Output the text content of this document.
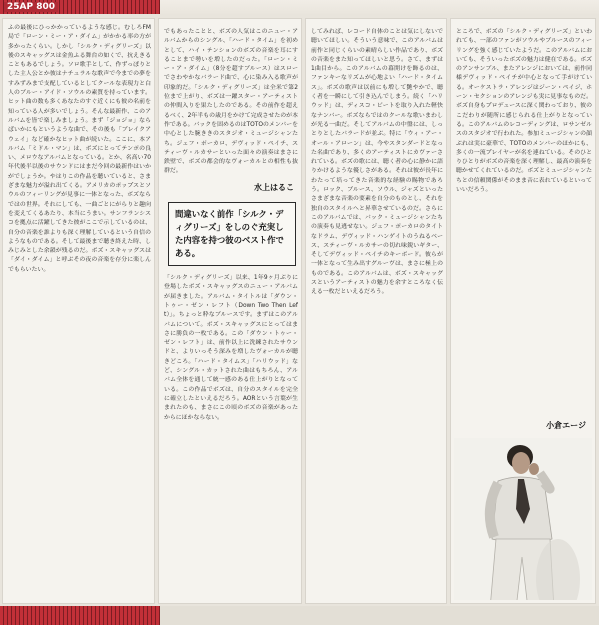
25AP 800
ふの最後にひっかかっているような感じ。むしろFM局で「ローン・ミー・ア・ダイム」がかかる率の方が多かったくらい。しかし「シルク・ディグリーズ」以後のスキャッグスは金魚ふる舞台の如くで、抗えきることもあるでしょう。ソロ歌手として、作ずっぽりとした主人公とか彼はナチュラルな歌声で今までの夢をすみずみまで支配しているとしてクールな表現力と白人のブルー・アイド・ソウルの素質を持っています。ヒット曲の数も多くあなたのすぐ近くにも彼の名前を知っている人が多いでしょう。そんな最新作、このアルバムを皆で楽しみましょう。まず「ジョジョ」ならばいかにもというような曲で、その後も「ブレイクアウェイ」など確かなヒット曲が続いた。ここに、本アルバム「ミドル・マン」は、ボズにとってテンポの良い、メロウなアルバムとなっている。とか、名高い70年代後半以後のサウンドにはまだ今回の最新作はいかがでしょうか。やはりこの作品を聴いていると、さまざまな魅力が溢れ出てくる。アメリカのポップスとソウルのフィーリングが見事に一体となった、ボズならではの世界。それにしても、一曲ごとにがらりと趣向を変えてくるあたり、本当にうまい。サンフランシスコを拠点に活躍してきた彼がここで示しているのは、自分の音楽を誰よりも深く理解しているという自信のようなものである。そして最後まで聴き終えた時、しみじみとした余韻が残るのだ。ボズ・スキャッグスは「ダイ・ダイム」と呼ぶその夜の音楽を存分に楽しんでもらいたい。
でもあったことと、ボズの人気はこのニュー・アルバムからのシングル、「ハード・タイム」を初めとして、ハイ・テンションのボズの音楽を耳にすることまで勢いを増したのだった。「ローン・ミー・ア・ダイム」（8分を超すブルース）はスローでさわやかなバラード曲で、心に染み入る歌声が印象的だ。「シルク・ディグリーズ」は全米で第2位まで上がり、ボズは一躍スター・アーティストの仲間入りを果たしたのである。その前作を超えるべく、2年半もの歳月をかけて完成させたのが本作である。バックを固めるのはTOTOのメンバーを中心とした腕ききのスタジオ・ミュージシャンたち。ジェフ・ポーカロ、デヴィッド・ペイチ、スティーヴ・ルカサーといった面々の演奏はまさに鉄壁で、ボズの都会的なヴォーカルとの相性も抜群だ。
水上はるこ
間違いなく前作「シルク・ディグリーズ」をしのぐ充実した内容を持つ彼のベスト作である。
「シルク・ディグリーズ」以来、1年9ヶ月ぶりに登場したボズ・スキャッグスのニュー・アルバムが届きました。アルバム・タイトルは「ダウン・トゥー・ゼン・レフト（Down Two Then Left）」。ちょっと粋なブルースです。まずはこのアルバムについて。ボズ・スキャッグスにとってはまさに勝負の一枚である。この「ダウン・トゥー・ゼン・レフト」は、前作以上に洗練されたサウンドと、よりいっそう深みを増したヴォーカルが聴きどころ。「ハード・タイムス」「ハリウッド」など、シングル・カットされた曲はもちろん、アルバム全体を通して統一感のある仕上がりとなっている。この作品でボズは、自分のスタイルを完全に確立したといえるだろう。AORという言葉が生まれたのも、まさにこの頃のボズの音楽があったからにほかならない。
してみれば、レコード自体のことは気にしないで聴いてほしい。そういう意味で、このアルバムは前作と同じくらいの素晴らしい作品であり、ボズの音楽をまた知ってほしいと思う。さて、まずは1曲目から。このアルバムの幕開けを飾るのは、ファンキーなリズムが心地よい「ハード・タイムス」。ボズの歌声は以前にも増して艶やかで、聴く者を一瞬にして引き込んでしまう。続く「ハリウッド」は、ディスコ・ビートを取り入れた軽快なナンバー。ボズならではのクールな歌いまわしが光る一曲だ。そしてアルバムの中盤には、しっとりとしたバラードが並ぶ。特に「ウィ・アー・オール・アローン」は、今やスタンダードとなった名曲であり、多くのアーティストにカヴァーされている。ボズの歌には、聴く者の心に静かに語りかけるような優しさがある。それは彼が長年にわたって培ってきた音楽的な経験の賜物であろう。ロック、ブルース、ソウル、ジャズといったさまざまな音楽の要素を自分のものとし、それを独自のスタイルへと昇華させているのだ。さらにこのアルバムでは、バック・ミュージシャンたちの演奏も見逃せない。ジェフ・ポーカロのタイトなドラム、デヴィッド・ハンゲイトのうねるベース、スティーヴ・ルカサーの切れ味鋭いギター、そしてデヴィッド・ペイチのキーボード。彼らが一体となって生み出すグルーヴは、まさに極上のものである。このアルバムは、ボズ・スキャッグスというアーティストの魅力を余すところなく伝える一枚だといえるだろう。
ところで、ボズの「シルク・ディグリーズ」といわれても、一部のファンがソウルやブルースのフィーリングを強く感じていたようだ。このアルバムにおいても、そういったボズの魅力は健在である。ボズのアンサンブル、またアレンジにおいては、前作同様デヴィッド・ペイチが中心となって手がけている。オーケストラ・アレンジはジーン・ペイジ、ホーン・セクションのアレンジも実に見事なものだ。ボズ自身もプロデュースに深く関わっており、彼のこだわりが随所に感じられる仕上がりとなっている。このアルバムのレコーディングは、ロサンゼルスのスタジオで行われた。参加ミュージシャンの顔ぶれは実に豪華で、TOTOのメンバーのほかにも、多くの一流プレイヤーが名を連ねている。そのひとりひとりがボズの音楽を深く理解し、最高の演奏を聴かせてくれているのだ。ボズとミュージシャンたちとの信頼関係がそのまま音に表れているといっていいだろう。
小倉エージ
